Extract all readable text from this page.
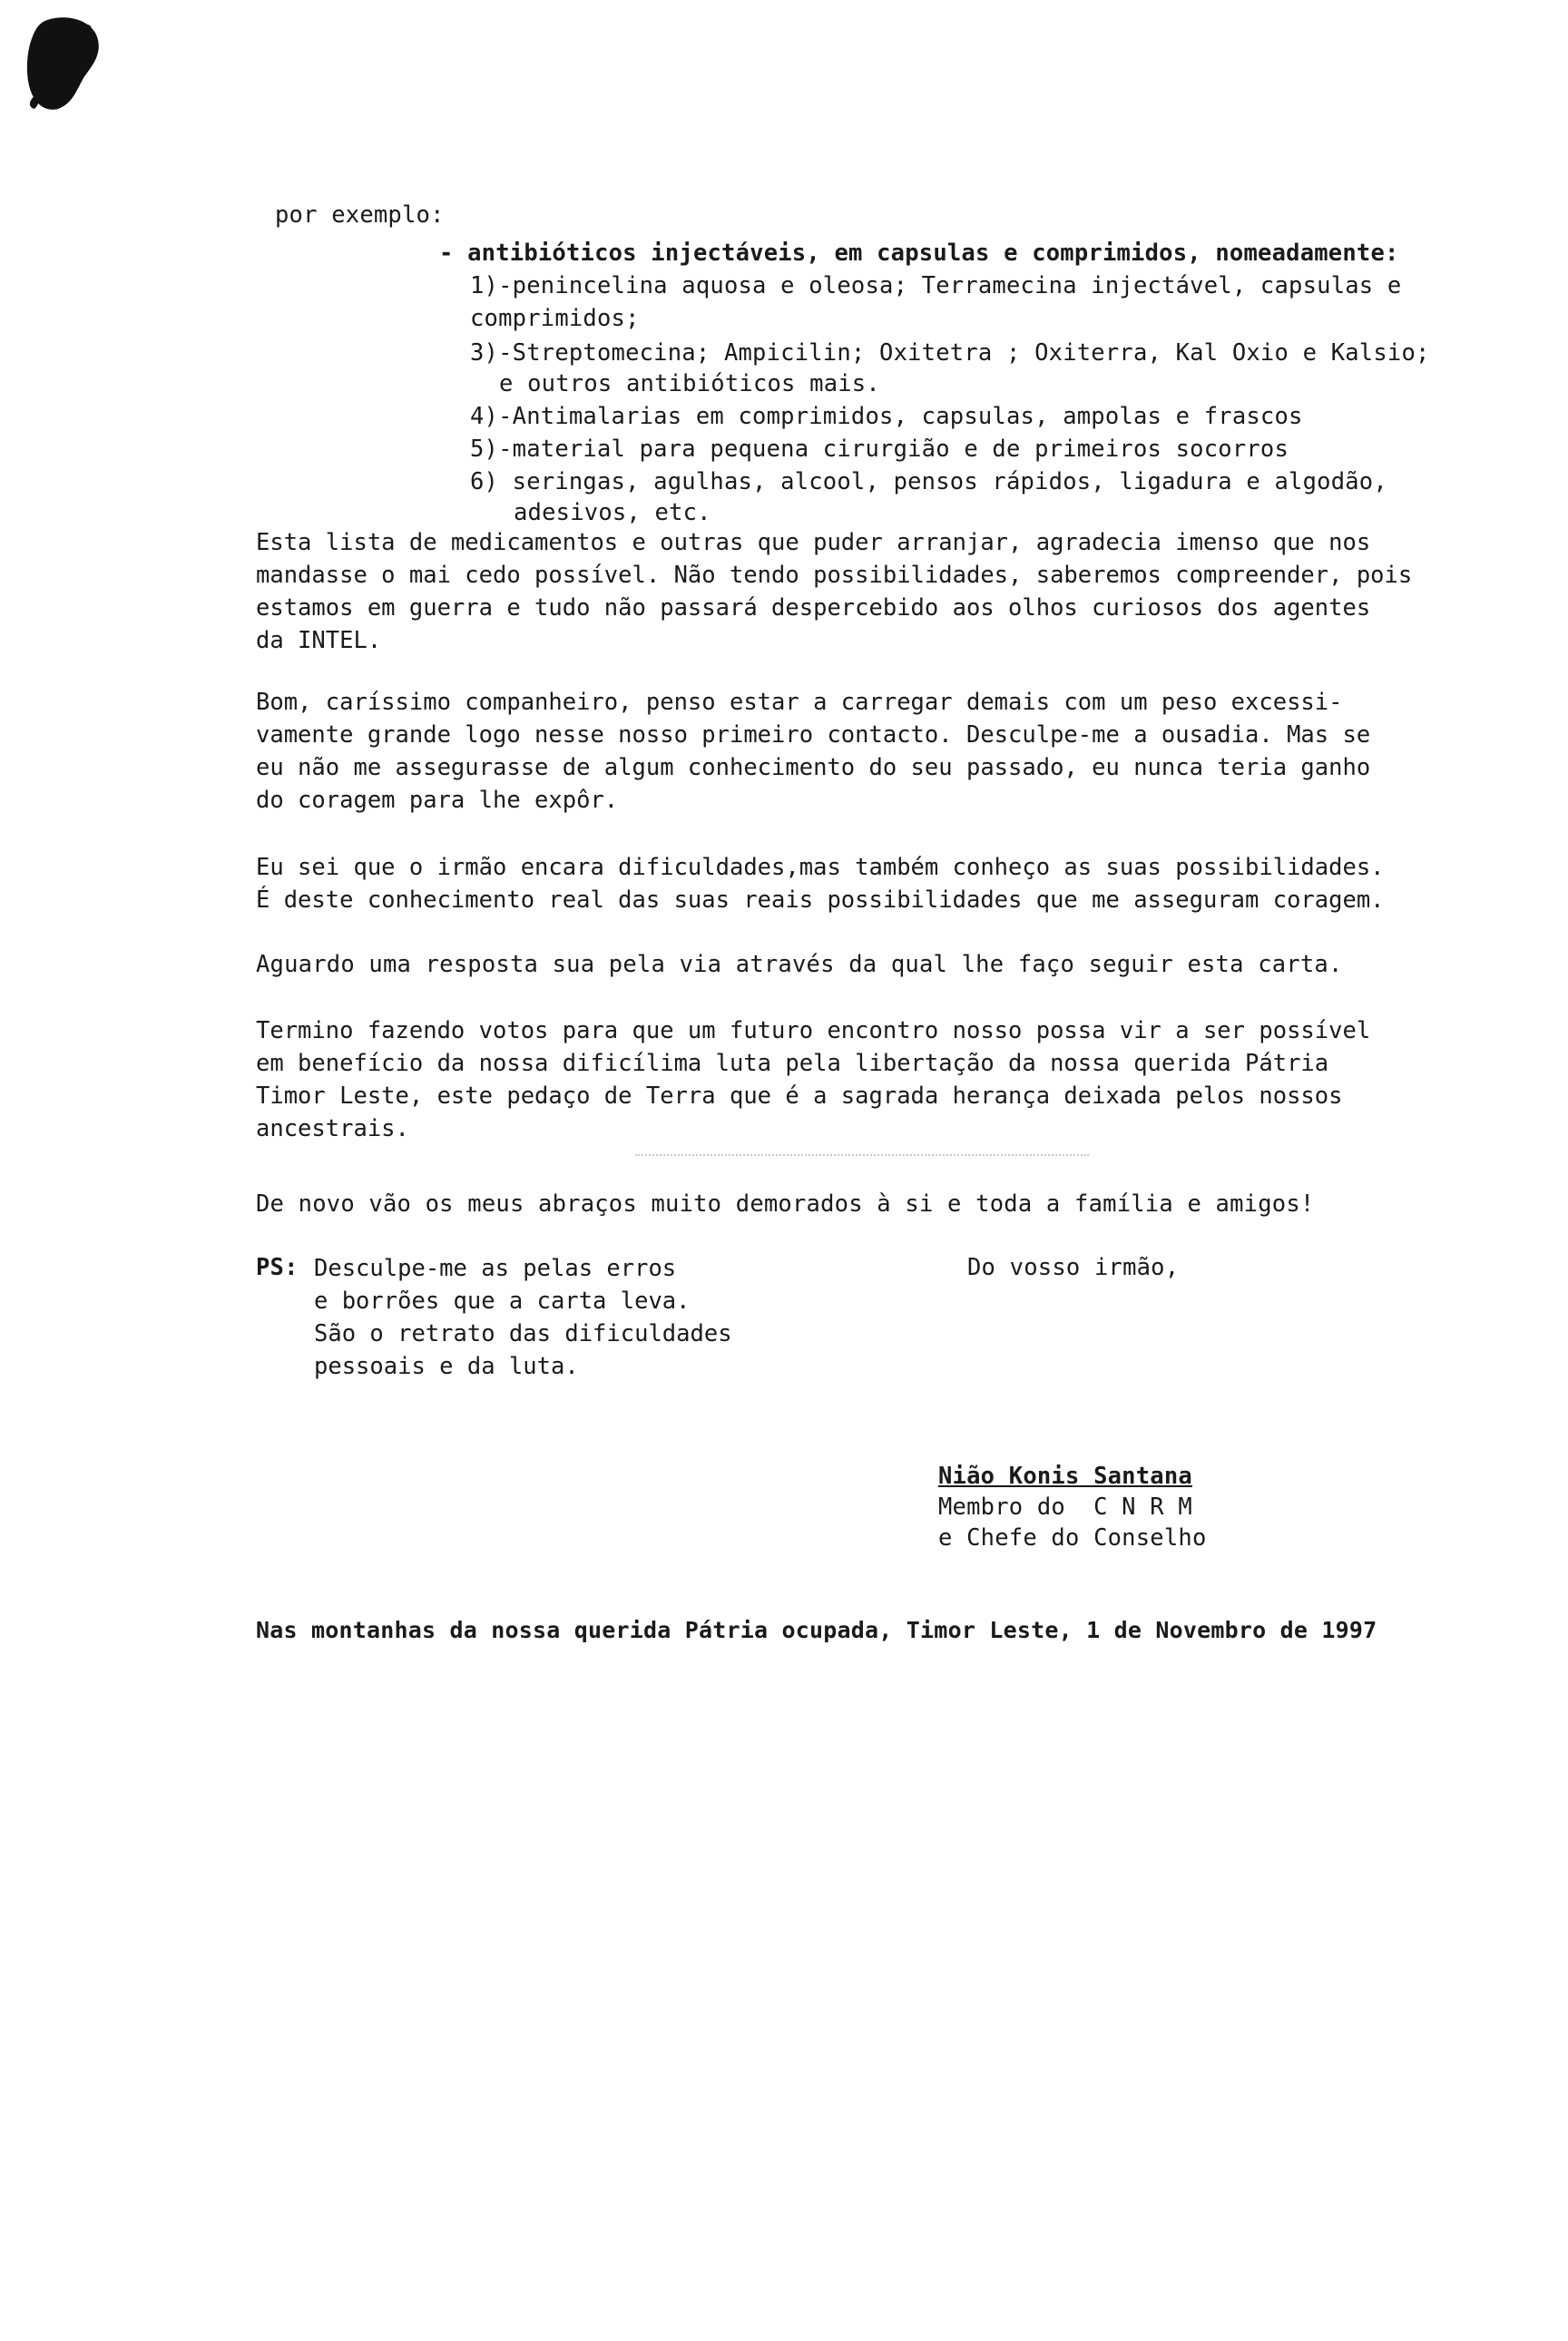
por exemplo:
- antibióticos injectáveis, em capsulas e comprimidos, nomeadamente:
1)-penincelina aquosa e oleosa; Terramecina injectável, capsulas e
comprimidos;
3)-Streptomecina; Ampicilin; Oxitetra ; Oxiterra, Kal Oxio e Kalsio;
e outros antibióticos mais.
4)-Antimalarias em comprimidos, capsulas, ampolas e frascos
5)-material para pequena cirurgião e de primeiros socorros
6) seringas, agulhas, alcool, pensos rápidos, ligadura e algodão,
adesivos, etc.
Esta lista de medicamentos e outras que puder arranjar, agradecia imenso que nos
mandasse o mai cedo possível. Não tendo possibilidades, saberemos compreender, pois
estamos em guerra e tudo não passará despercebido aos olhos curiosos dos agentes
da INTEL.
Bom, caríssimo companheiro, penso estar a carregar demais com um peso excessi-
vamente grande logo nesse nosso primeiro contacto. Desculpe-me a ousadia. Mas se
eu não me assegurasse de algum conhecimento do seu passado, eu nunca teria ganho
do coragem para lhe expôr.
Eu sei que o irmão encara dificuldades,mas também conheço as suas possibilidades.
É deste conhecimento real das suas reais possibilidades que me asseguram coragem.
Aguardo uma resposta sua pela via através da qual lhe faço seguir esta carta.
Termino fazendo votos para que um futuro encontro nosso possa vir a ser possível
em benefício da nossa dificílima luta pela libertação da nossa querida Pátria
Timor Leste, este pedaço de Terra que é a sagrada herança deixada pelos nossos
ancestrais.
De novo vão os meus abraços muito demorados à si e toda a família e amigos!
PS: Desculpe-me as pelas erros
e borrões que a carta leva.
São o retrato das dificuldades
pessoais e da luta.
Do vosso irmão,
Nião Konis Santana
Membro do  C N R M
e Chefe do Conselho
Nas montanhas da nossa querida Pátria ocupada, Timor Leste, 1 de Novembro de 1997
